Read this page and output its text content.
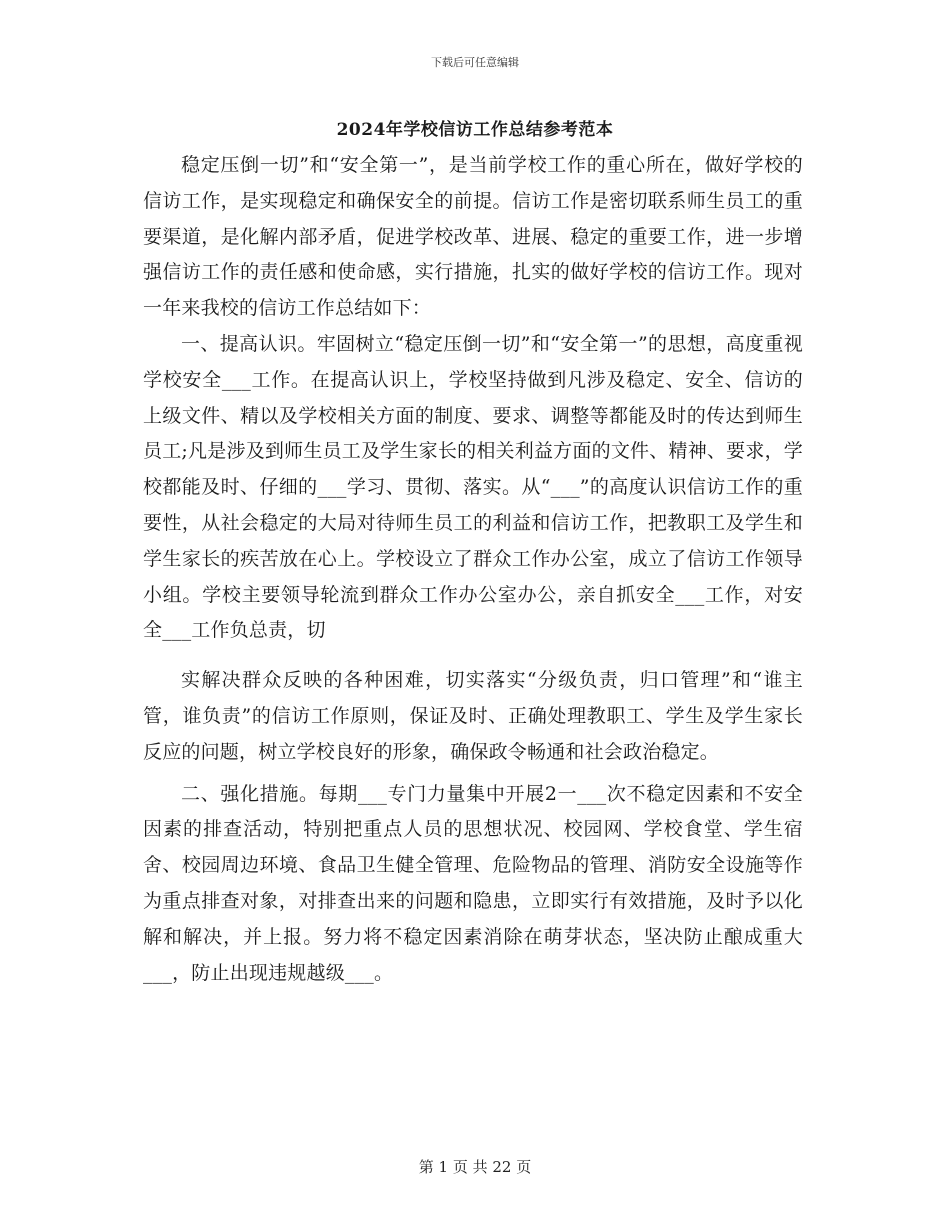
下载后可任意编辑
2024年学校信访工作总结参考范本

稳定压倒一切”和“安全第一”，是当前学校工作的重心所在，做好学校的信访工作，是实现稳定和确保安全的前提。信访工作是密切联系师生员工的重要渠道，是化解内部矛盾，促进学校改革、进展、稳定的重要工作，进一步增强信访工作的责任感和使命感，实行措施，扎实的做好学校的信访工作。现对一年来我校的信访工作总结如下：

一、提高认识。牢固树立“稳定压倒一切”和“安全第一”的思想，高度重视学校安全___工作。在提高认识上，学校坚持做到凡涉及稳定、安全、信访的上级文件、精以及学校相关方面的制度、要求、调整等都能及时的传达到师生员工;凡是涉及到师生员工及学生家长的相关利益方面的文件、精神、要求，学校都能及时、仔细的___学习、贯彻、落实。从“___”的高度认识信访工作的重要性，从社会稳定的大局对待师生员工的利益和信访工作，把教职工及学生和学生家长的疾苦放在心上。学校设立了群众工作办公室，成立了信访工作领导小组。学校主要领导轮流到群众工作办公室办公，亲自抓安全___工作，对安全___工作负总责，切

实解决群众反映的各种困难，切实落实“分级负责，归口管理”和“谁主管，谁负责”的信访工作原则，保证及时、正确处理教职工、学生及学生家长反应的问题，树立学校良好的形象，确保政令畅通和社会政治稳定。

二、强化措施。每期___专门力量集中开展2一___次不稳定因素和不安全因素的排查活动，特别把重点人员的思想状况、校园网、学校食堂、学生宿舍、校园周边环境、食品卫生健全管理、危险物品的管理、消防安全设施等作为重点排查对象，对排查出来的问题和隐患，立即实行有效措施，及时予以化解和解决，并上报。努力将不稳定因素消除在萌芽状态，坚决防止酿成重大___，防止出现违规越级___。

第 1 页 共 22 页
